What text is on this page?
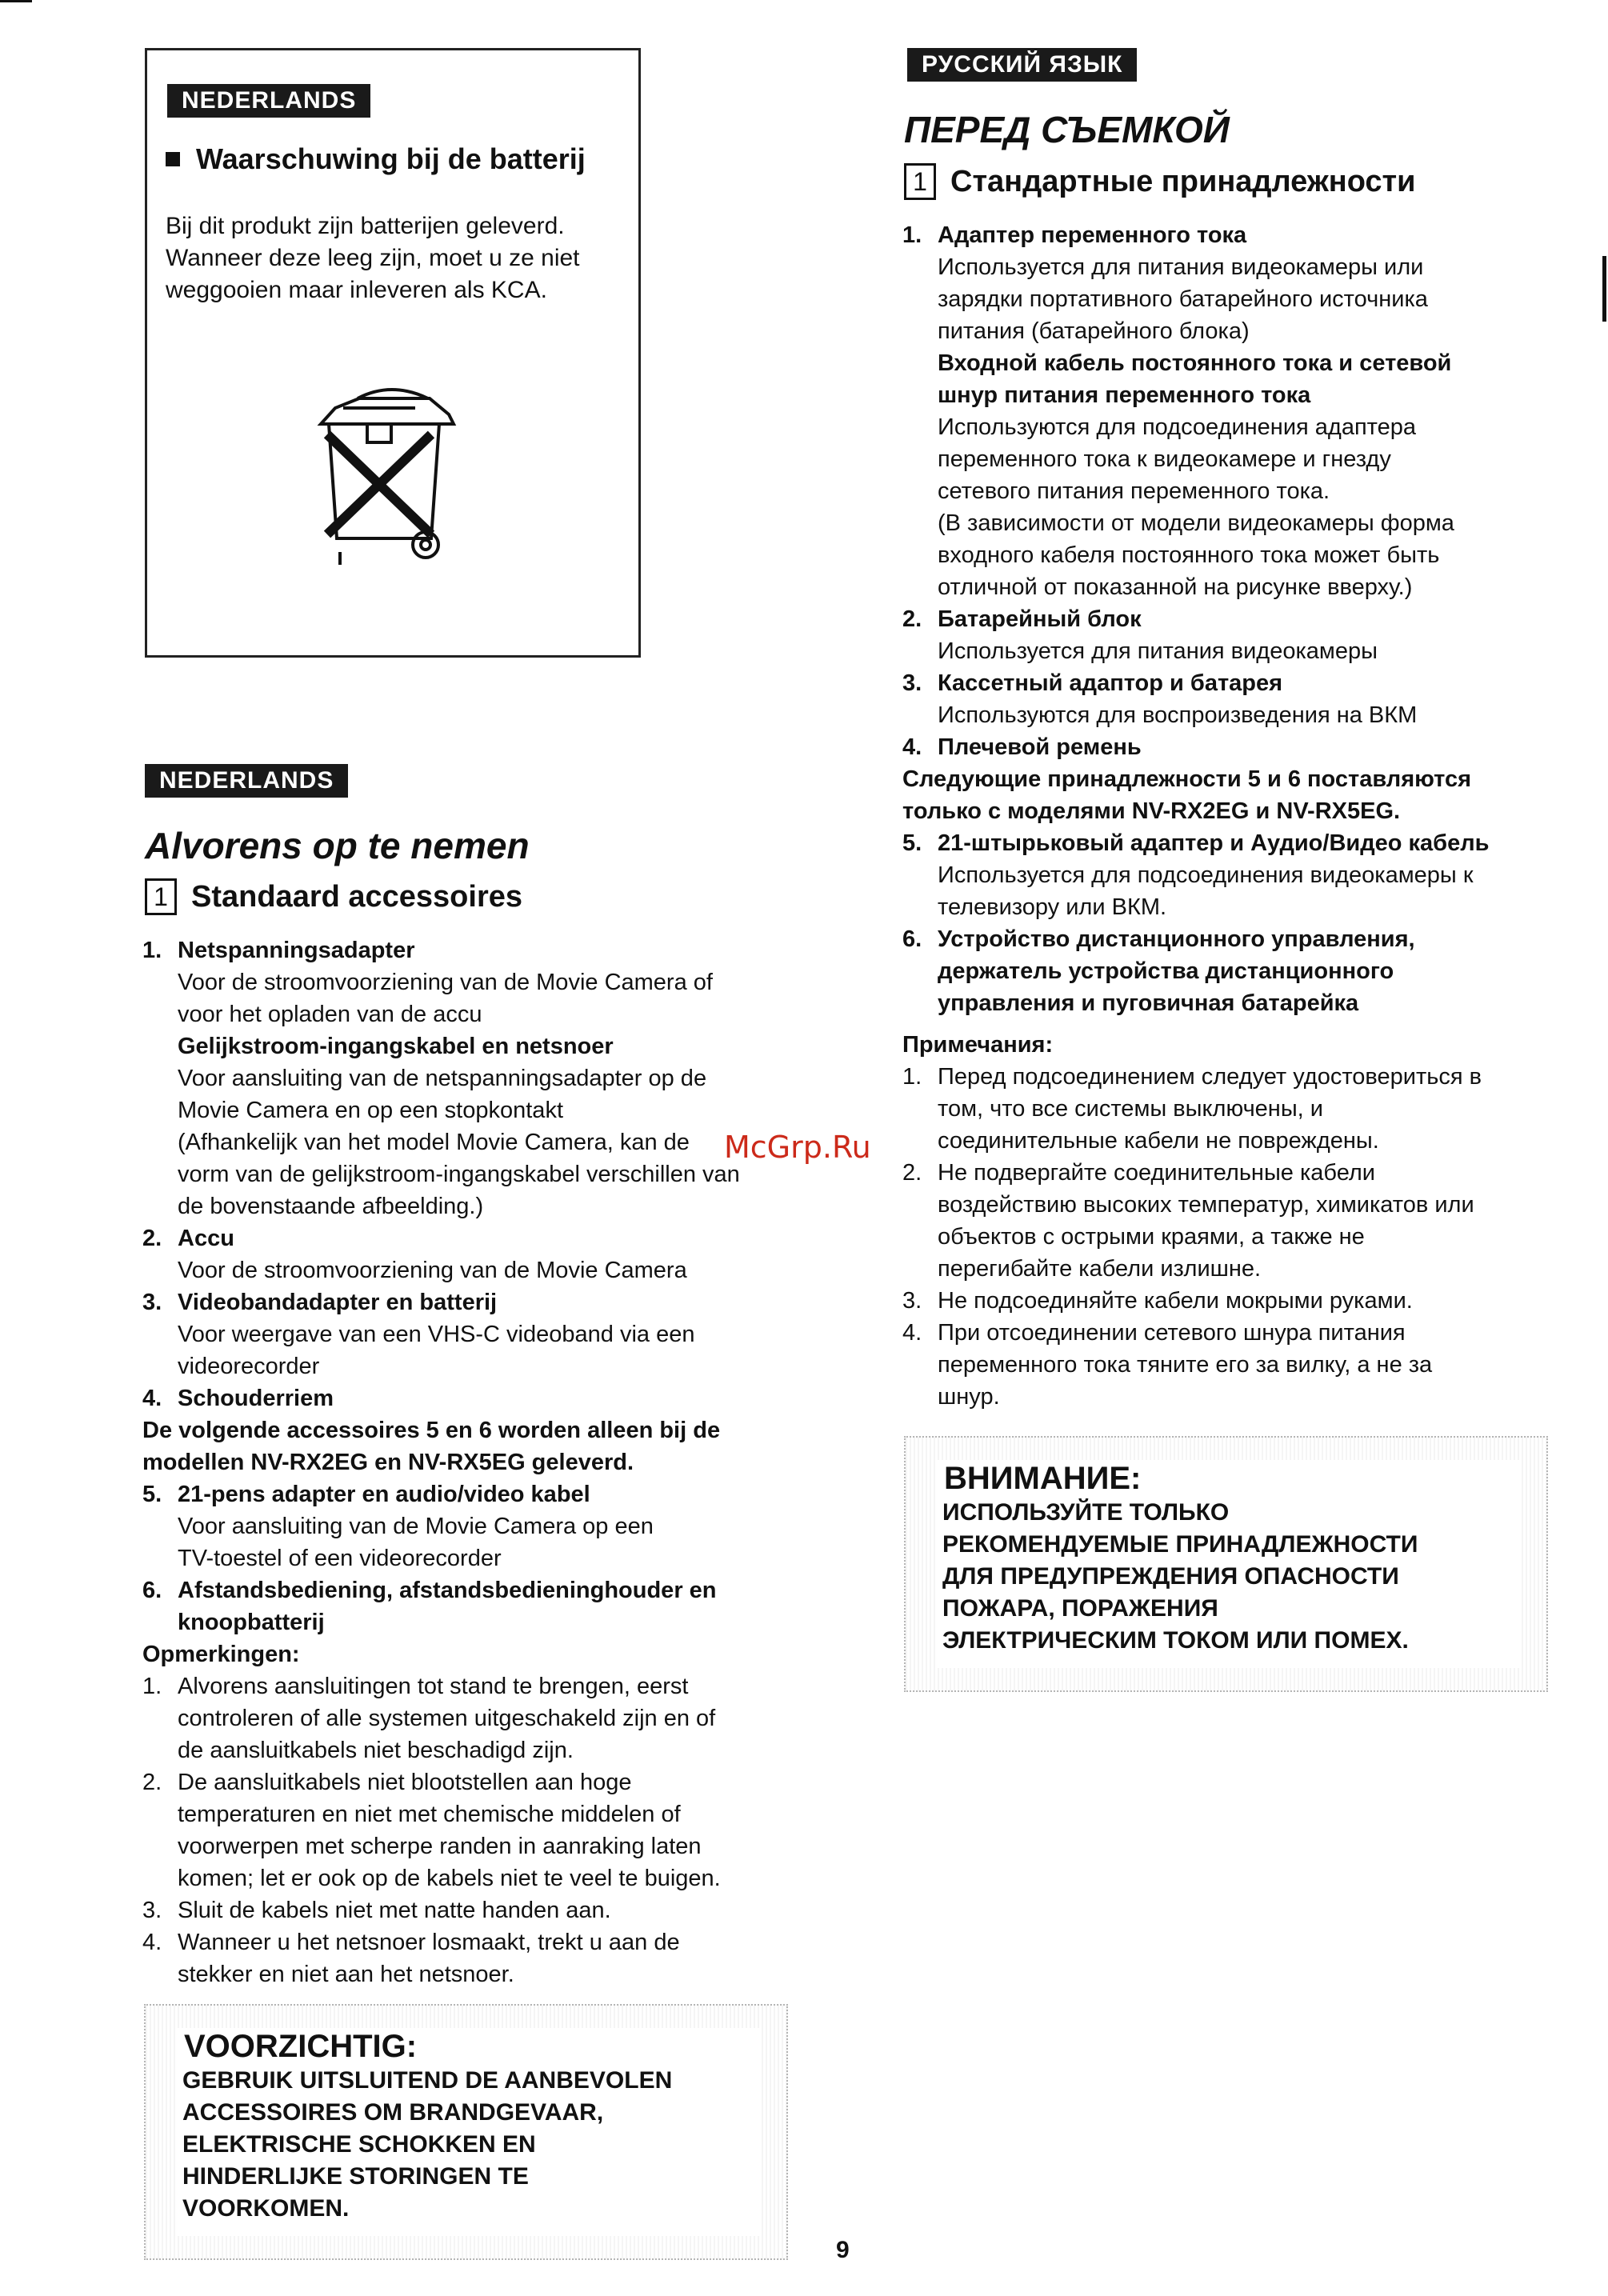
NEDERLANDS
Waarschuwing bij de batterij
Bij dit produkt zijn batterijen geleverd.
Wanneer deze leeg zijn, moet u ze niet
weggooien maar inleveren als KCA.
NEDERLANDS
Alvorens op te nemen
1 Standaard accessoires
1. Netspanningsadapter

Voor de stroomvoorziening van de Movie Camera of

voor het opladen van de accu

Gelijkstroom-ingangskabel en netsnoer

Voor aansluiting van de netspanningsadapter op de

Movie Camera en op een stopkontakt

(Afhankelijk van het model Movie Camera, kan de

vorm van de gelijkstroom-ingangskabel verschillen van

de bovenstaande afbeelding.)

2. Accu

Voor de stroomvoorziening van de Movie Camera

3. Videobandadapter en batterij

Voor weergave van een VHS-C videoband via een

videorecorder

4. Schouderriem

De volgende accessoires 5 en 6 worden alleen bij de

modellen NV-RX2EG en NV-RX5EG geleverd.

5. 21-pens adapter en audio/video kabel

Voor aansluiting van de Movie Camera op een

TV-toestel of een videorecorder

6. Afstandsbediening, afstandsbedieninghouder en

knoopbatterij

Opmerkingen:

1. Alvorens aansluitingen tot stand te brengen, eerst

controleren of alle systemen uitgeschakeld zijn en of

de aansluitkabels niet beschadigd zijn.

2. De aansluitkabels niet blootstellen aan hoge

temperaturen en niet met chemische middelen of

voorwerpen met scherpe randen in aanraking laten

komen; let er ook op de kabels niet te veel te buigen.

3. Sluit de kabels niet met natte handen aan.

4. Wanneer u het netsnoer losmaakt, trekt u aan de

stekker en niet aan het netsnoer.

VOORZICHTIG:
GEBRUIK UITSLUITEND DE AANBEVOLEN
ACCESSOIRES OM BRANDGEVAAR,
ELEKTRISCHE SCHOKKEN EN
HINDERLIJKE STORINGEN TE
VOORKOMEN.
РУССКИЙ ЯЗЫК
ПЕРЕД СЪЕМКОЙ
1 Стандартные принадлежности
1. Адаптер переменного тока

Используется для питания видеокамеры или

зарядки портативного батарейного источника

питания (батарейного блока)

Входной кабель постоянного тока и сетевой

шнур питания переменного тока

Используются для подсоединения адаптера

переменного тока к видеокамере и гнезду

сетевого питания переменного тока.

(В зависимости от модели видеокамеры форма

входного кабеля постоянного тока может быть

отличной от показанной на рисунке вверху.)

2. Батарейный блок

Используется для питания видеокамеры

3. Кассетный адаптор и батарея

Используются для воспроизведения на ВКМ

4. Плечевой ремень

Следующие принадлежности 5 и 6 поставляются

только с моделями NV-RX2EG и NV-RX5EG.

5. 21-штырьковый адаптер и Аудио/Видео кабель

Используется для подсоединения видеокамеры к

телевизору или ВКМ.

6. Устройство дистанционного управления,

держатель устройства дистанционного

управления и пуговичная батарейка

Примечания:

1. Перед подсоединением следует удостовериться в

том, что все системы выключены, и

соединительные кабели не повреждены.

2. Не подвергайте соединительные кабели

воздействию высоких температур, химикатов или

объектов с острыми краями, а также не

перегибайте кабели излишне.

3. Не подсоединяйте кабели мокрыми руками.

4. При отсоединении сетевого шнура питания

переменного тока тяните его за вилку, а не за

шнур.

ВНИМАНИЕ:
ИСПОЛЬЗУЙТЕ ТОЛЬКО
РЕКОМЕНДУЕМЫЕ ПРИНАДЛЕЖНОСТИ
ДЛЯ ПРЕДУПРЕЖДЕНИЯ ОПАСНОСТИ
ПОЖАРА, ПОРАЖЕНИЯ
ЭЛЕКТРИЧЕСКИМ ТОКОМ ИЛИ ПОМЕХ.
McGrp.Ru
9
